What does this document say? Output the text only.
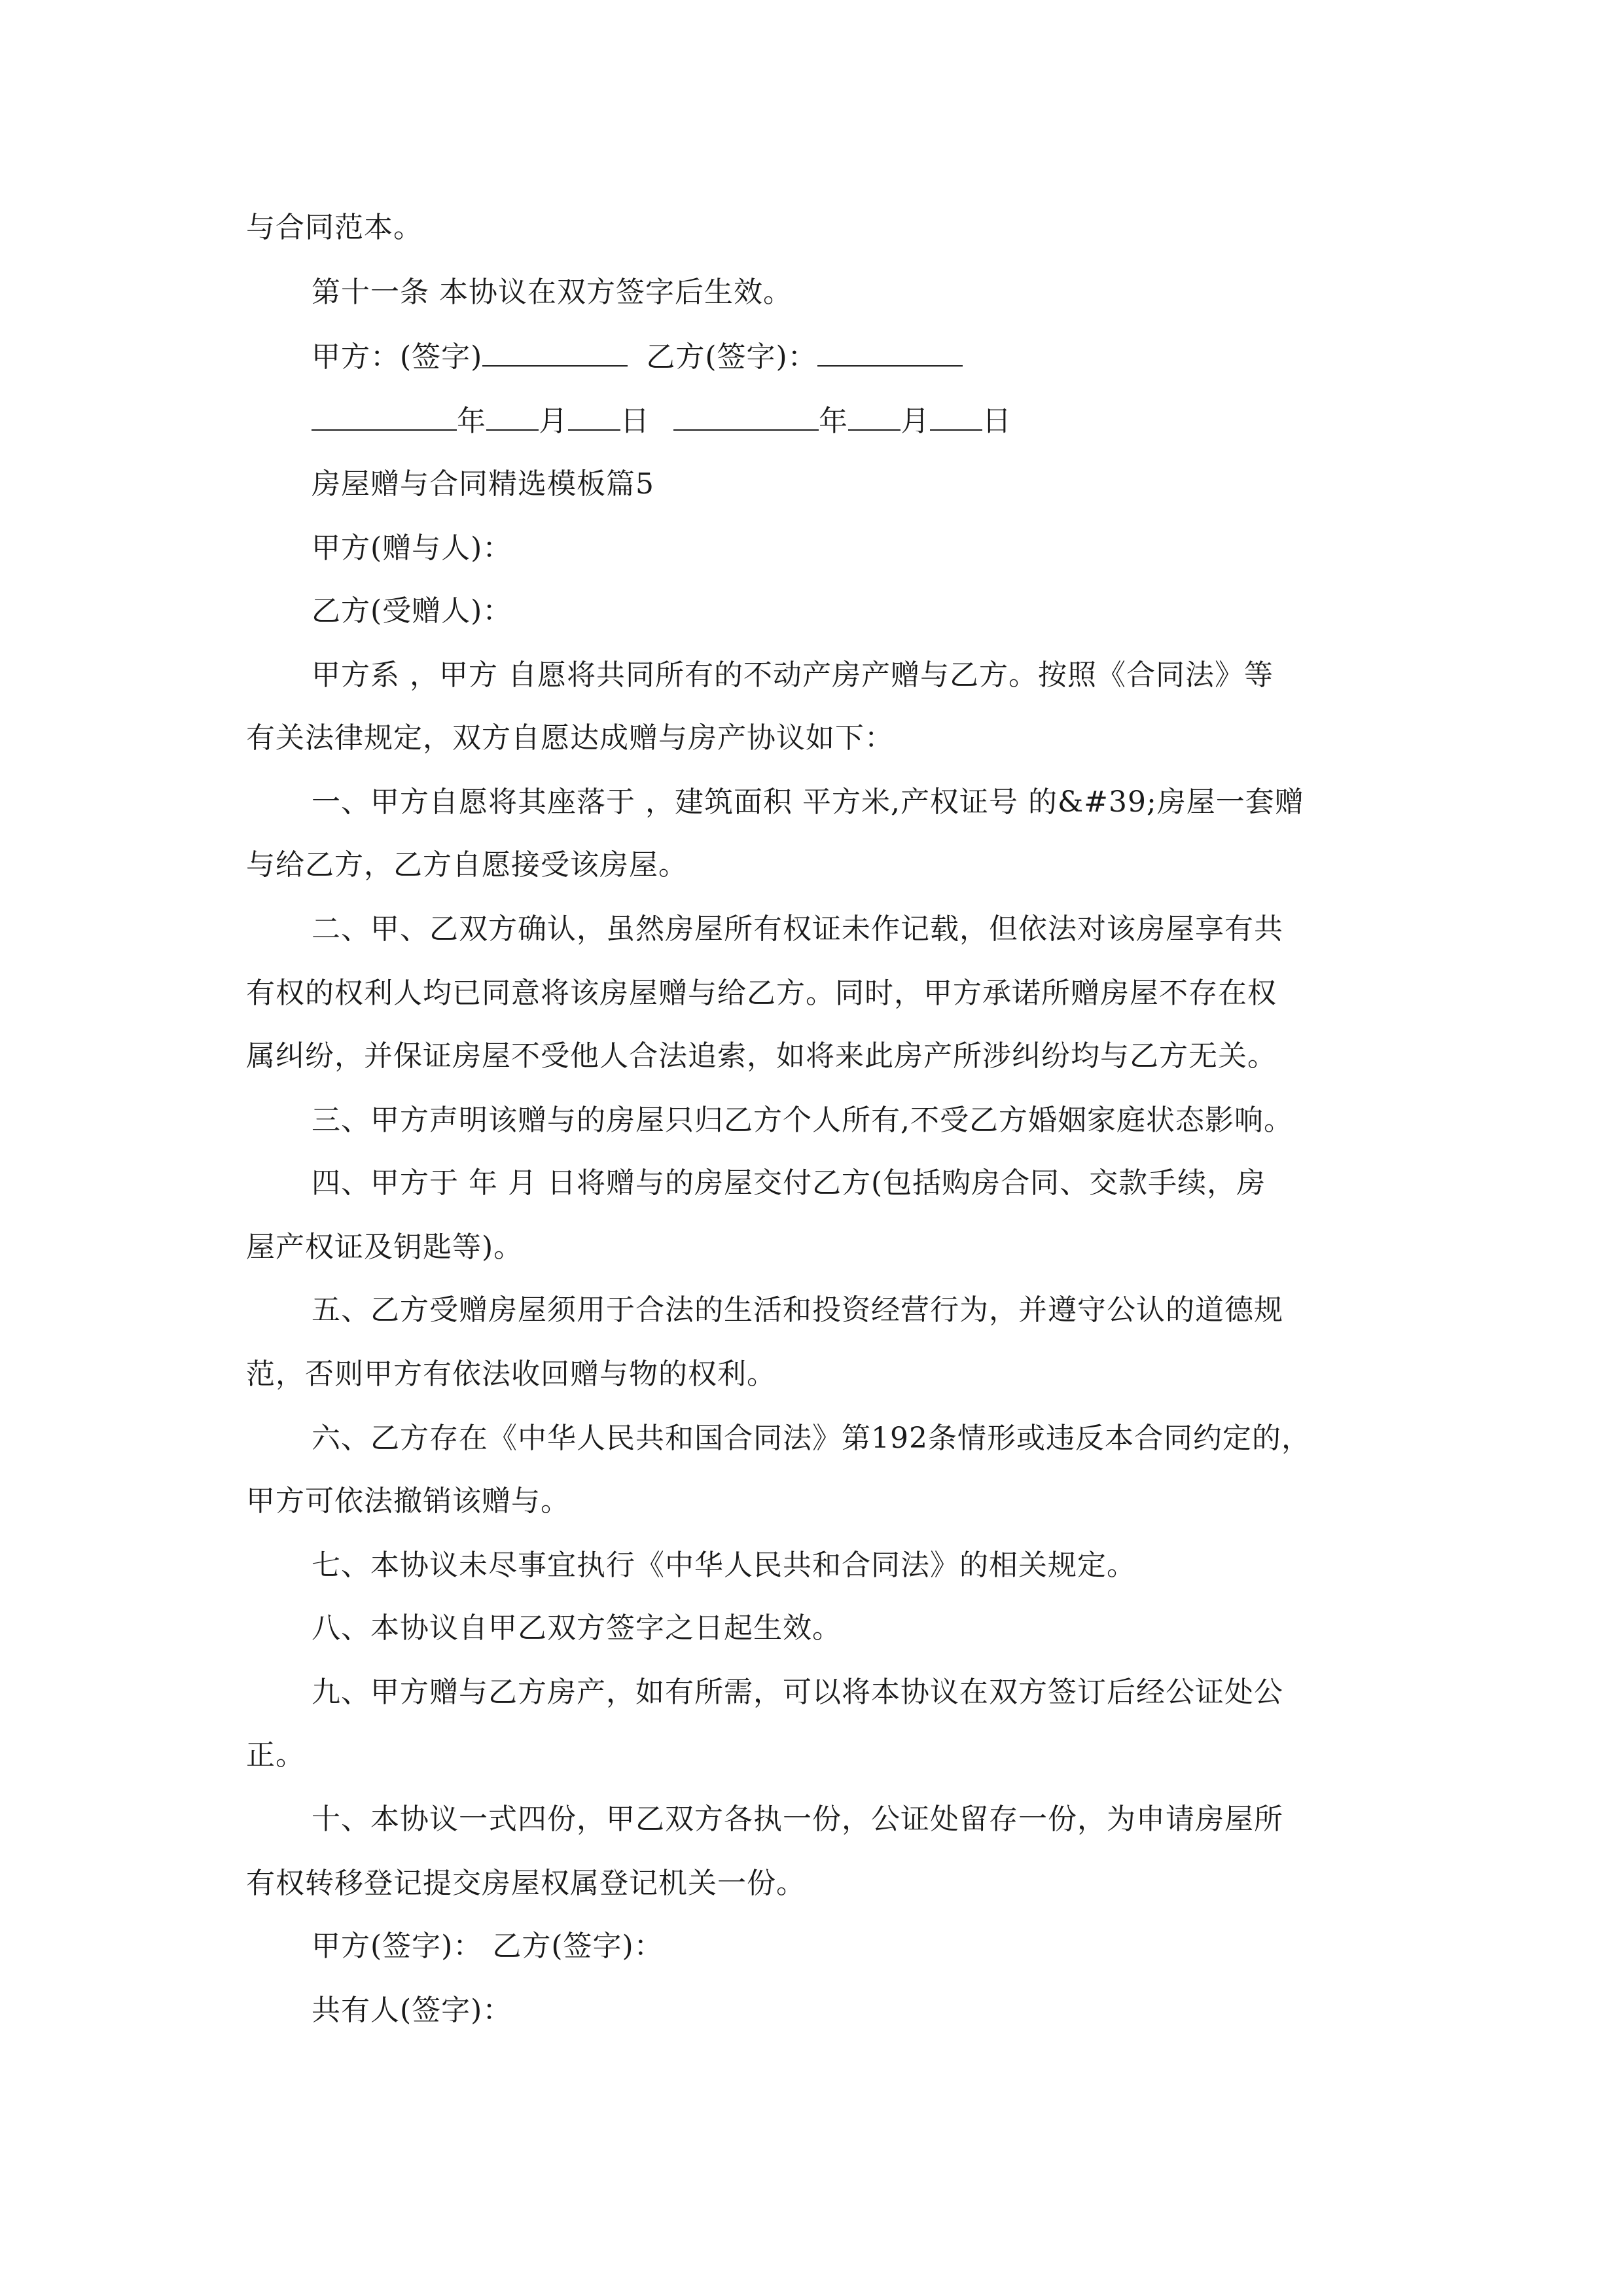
与合同范本。
第十一条 本协议在双方签字后生效。
甲方：(签字)	乙方(签字)：
年 月 日	年 月 日
房屋赠与合同精选模板篇5
甲方(赠与人)：
乙方(受赠人)：
甲方系 ，甲方 自愿将共同所有的不动产房产赠与乙方。按照《合同法》等
有关法律规定，双方自愿达成赠与房产协议如下：
一、甲方自愿将其座落于 ，建筑面积 平方米,产权证号 的&#39;房屋一套赠
与给乙方，乙方自愿接受该房屋。
二、甲、乙双方确认，虽然房屋所有权证未作记载，但依法对该房屋享有共
有权的权利人均已同意将该房屋赠与给乙方。同时，甲方承诺所赠房屋不存在权
属纠纷，并保证房屋不受他人合法追索，如将来此房产所涉纠纷均与乙方无关。
三、甲方声明该赠与的房屋只归乙方个人所有,不受乙方婚姻家庭状态影响。
四、甲方于 年 月 日将赠与的房屋交付乙方(包括购房合同、交款手续，房
屋产权证及钥匙等)。
五、乙方受赠房屋须用于合法的生活和投资经营行为，并遵守公认的道德规
范，否则甲方有依法收回赠与物的权利。
六、乙方存在《中华人民共和国合同法》第192条情形或违反本合同约定的，
甲方可依法撤销该赠与。
七、本协议未尽事宜执行《中华人民共和合同法》的相关规定。
八、本协议自甲乙双方签字之日起生效。
九、甲方赠与乙方房产，如有所需，可以将本协议在双方签订后经公证处公
正。
十、本协议一式四份，甲乙双方各执一份，公证处留存一份，为申请房屋所
有权转移登记提交房屋权属登记机关一份。
甲方(签字)： 乙方(签字)：
共有人(签字)：
